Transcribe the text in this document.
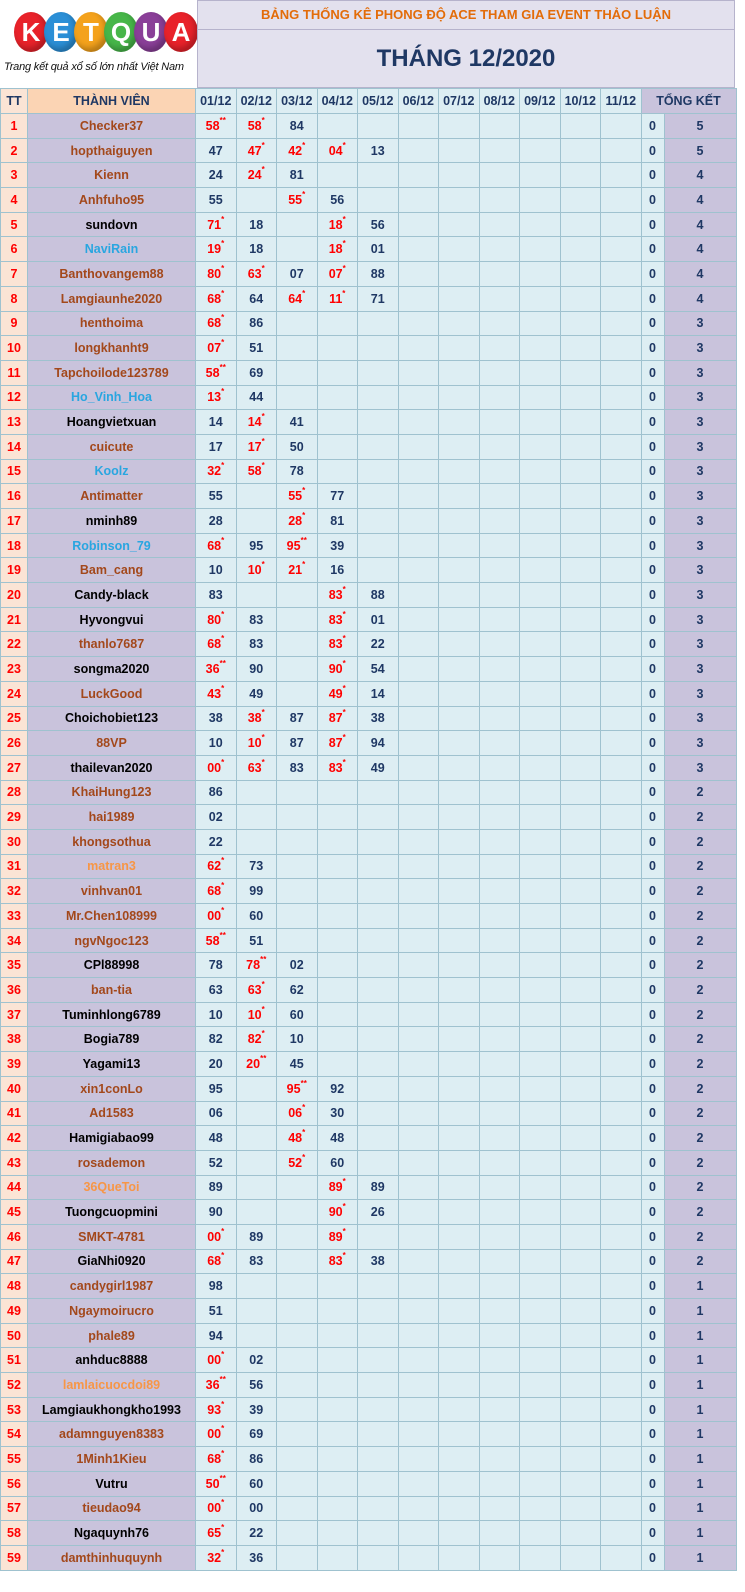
K E T Q U A
Trang kết quả xổ số lớn nhất Việt Nam
BẢNG THỐNG KÊ PHONG ĐỘ ACE THAM GIA EVENT THẢO LUẬN
THÁNG 12/2020
TT	THÀNH VIÊN	01/12	02/12	03/12	04/12	05/12	06/12	07/12	08/12	09/12	10/12	11/12	TỔNG KẾT	
1	Checker37	58**	58*	84									0	5
2	hopthaiguyen	47	47*	42*	04*	13							0	5
3	Kienn	24	24*	81									0	4
4	Anhfuho95	55		55*	56								0	4
5	sundovn	71*	18		18*	56							0	4
6	NaviRain	19*	18		18*	01							0	4
7	Banthovangem88	80*	63*	07	07*	88							0	4
8	Lamgiaunhe2020	68*	64	64*	11*	71							0	4
9	henthoima	68*	86										0	3
10	longkhanht9	07*	51										0	3
11	Tapchoilode123789	58**	69										0	3
12	Ho_Vinh_Hoa	13*	44										0	3
13	Hoangvietxuan	14	14*	41									0	3
14	cuicute	17	17*	50									0	3
15	Koolz	32*	58*	78									0	3
16	Antimatter	55		55*	77								0	3
17	nminh89	28		28*	81								0	3
18	Robinson_79	68*	95	95**	39								0	3
19	Bam_cang	10	10*	21*	16								0	3
20	Candy-black	83			83*	88							0	3
21	Hyvongvui	80*	83		83*	01							0	3
22	thanlo7687	68*	83		83*	22							0	3
23	songma2020	36**	90		90*	54							0	3
24	LuckGood	43*	49		49*	14							0	3
25	Choichobiet123	38	38*	87	87*	38							0	3
26	88VP	10	10*	87	87*	94							0	3
27	thailevan2020	00*	63*	83	83*	49							0	3
28	KhaiHung123	86											0	2
29	hai1989	02											0	2
30	khongsothua	22											0	2
31	matran3	62*	73										0	2
32	vinhvan01	68*	99										0	2
33	Mr.Chen108999	00*	60										0	2
34	ngvNgoc123	58**	51										0	2
35	CPl88998	78	78**	02									0	2
36	ban-tia	63	63*	62									0	2
37	Tuminhlong6789	10	10*	60									0	2
38	Bogia789	82	82*	10									0	2
39	Yagami13	20	20**	45									0	2
40	xin1conLo	95		95**	92								0	2
41	Ad1583	06		06*	30								0	2
42	Hamigiabao99	48		48*	48								0	2
43	rosademon	52		52*	60								0	2
44	36QueToi	89			89*	89							0	2
45	Tuongcuopmini	90			90*	26							0	2
46	SMKT-4781	00*	89		89*								0	2
47	GiaNhi0920	68*	83		83*	38							0	2
48	candygirl1987	98											0	1
49	Ngaymoirucro	51											0	1
50	phale89	94											0	1
51	anhduc8888	00*	02										0	1
52	lamlaicuocdoi89	36**	56										0	1
53	Lamgiaukhongkho1993	93*	39										0	1
54	adamnguyen8383	00*	69										0	1
55	1Minh1Kieu	68*	86										0	1
56	Vutru	50**	60										0	1
57	tieudao94	00*	00										0	1
58	Ngaquynh76	65*	22										0	1
59	damthinhuquynh	32*	36										0	1
